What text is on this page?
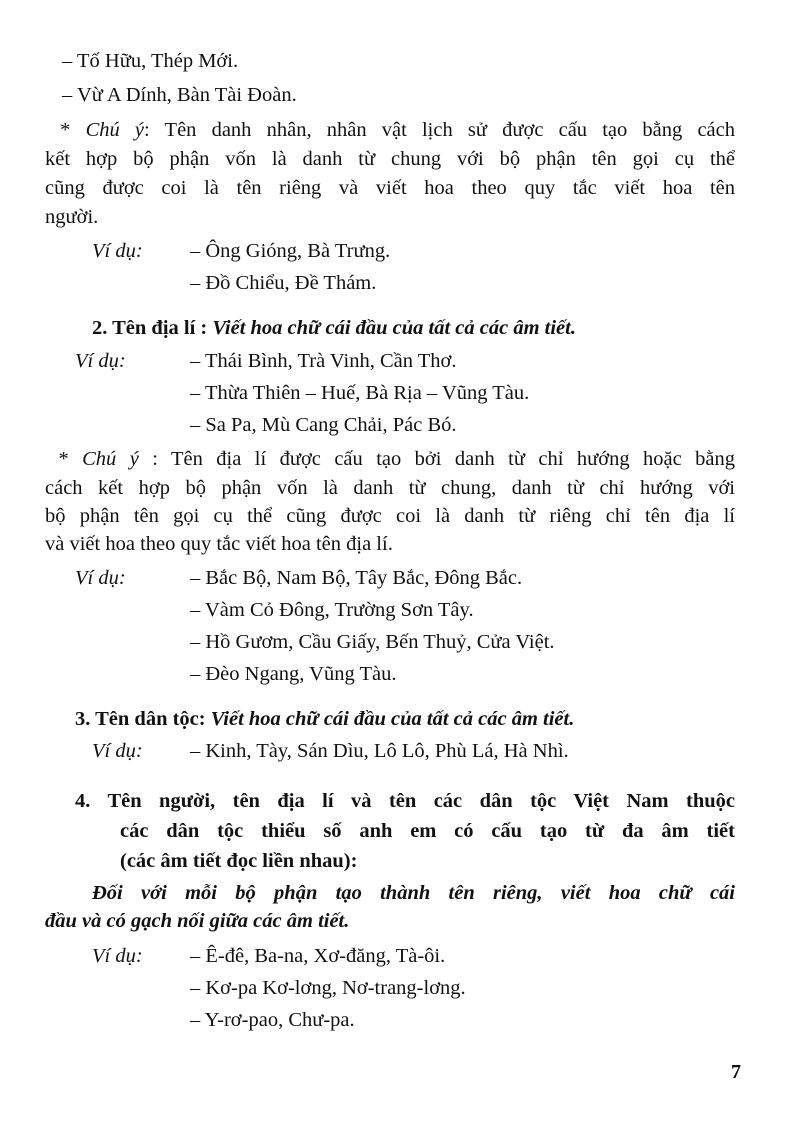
– Tố Hữu, Thép Mới.
– Vừ A Dính, Bàn Tài Đoàn.
* Chú ý: Tên danh nhân, nhân vật lịch sử được cấu tạo bằng cách
kết hợp bộ phận vốn là danh từ chung với bộ phận tên gọi cụ thể
cũng được coi là tên riêng và viết hoa theo quy tắc viết hoa tên
người.
Ví dụ: – Ông Gióng, Bà Trưng.
– Đồ Chiểu, Đề Thám.
2. Tên địa lí : Viết hoa chữ cái đầu của tất cả các âm tiết.
Ví dụ:	– Thái Bình, Trà Vinh, Cần Thơ.
– Thừa Thiên – Huế, Bà Rịa – Vũng Tàu.
– Sa Pa, Mù Cang Chải, Pác Bó.
* Chú ý : Tên địa lí được cấu tạo bởi danh từ chỉ hướng hoặc bằng
cách kết hợp bộ phận vốn là danh từ chung, danh từ chỉ hướng với
bộ phận tên gọi cụ thể cũng được coi là danh từ riêng chỉ tên địa lí
và viết hoa theo quy tắc viết hoa tên địa lí.
Ví dụ:	– Bắc Bộ, Nam Bộ, Tây Bắc, Đông Bắc.
– Vàm Cỏ Đông, Trường Sơn Tây.
– Hồ Gươm, Cầu Giấy, Bến Thuỷ, Cửa Việt.
– Đèo Ngang, Vũng Tàu.
3. Tên dân tộc: Viết hoa chữ cái đầu của tất cả các âm tiết.
Ví dụ: – Kinh, Tày, Sán Dìu, Lô Lô, Phù Lá, Hà Nhì.
4. Tên người, tên địa lí và tên các dân tộc Việt Nam thuộc
các dân tộc thiểu số anh em có cấu tạo từ đa âm tiết
(các âm tiết đọc liền nhau):
Đối với mỗi bộ phận tạo thành tên riêng, viết hoa chữ cái
đầu và có gạch nối giữa các âm tiết.
Ví dụ: – Ê-đê, Ba-na, Xơ-đăng, Tà-ôi.
– Kơ-pa Kơ-lơng, Nơ-trang-lơng.
– Y-rơ-pao, Chư-pa.
7
